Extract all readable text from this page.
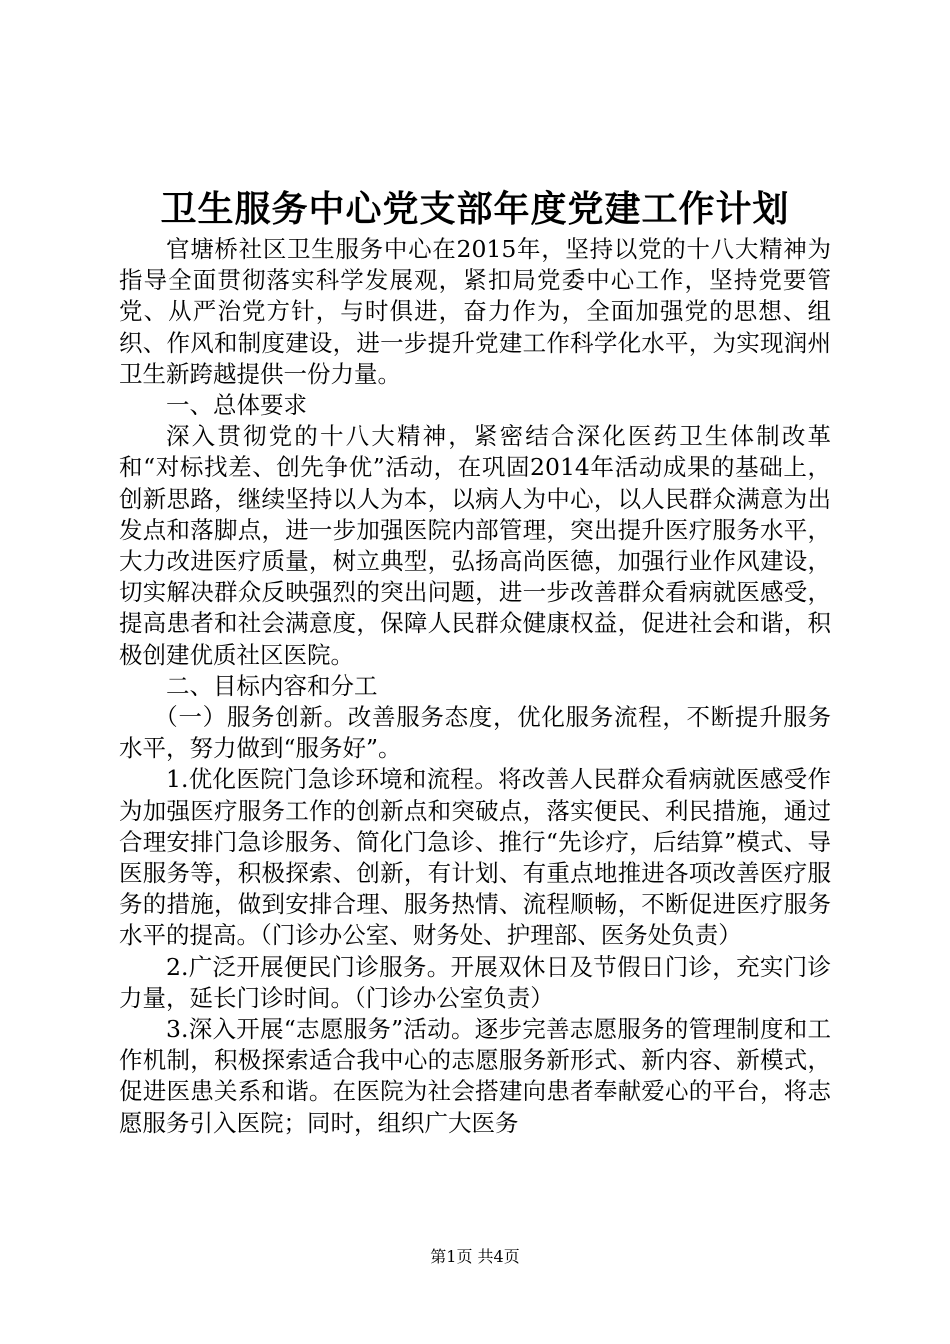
卫生服务中心党支部年度党建工作计划

官塘桥社区卫生服务中心在2015年，坚持以党的十八大精神为指导全面贯彻落实科学发展观，紧扣局党委中心工作，坚持党要管党、从严治党方针，与时俱进，奋力作为，全面加强党的思想、组织、作风和制度建设，进一步提升党建工作科学化水平，为实现润州卫生新跨越提供一份力量。

一、总体要求

深入贯彻党的十八大精神，紧密结合深化医药卫生体制改革和“对标找差、创先争优”活动，在巩固2014年活动成果的基础上，创新思路，继续坚持以人为本，以病人为中心，以人民群众满意为出发点和落脚点，进一步加强医院内部管理，突出提升医疗服务水平，大力改进医疗质量，树立典型，弘扬高尚医德，加强行业作风建设，切实解决群众反映强烈的突出问题，进一步改善群众看病就医感受，提高患者和社会满意度，保障人民群众健康权益，促进社会和谐，积极创建优质社区医院。

二、目标内容和分工

（一）服务创新。改善服务态度，优化服务流程，不断提升服务水平，努力做到“服务好”。

1.优化医院门急诊环境和流程。将改善人民群众看病就医感受作为加强医疗服务工作的创新点和突破点，落实便民、利民措施，通过合理安排门急诊服务、简化门急诊、推行“先诊疗，后结算”模式、导医服务等，积极探索、创新，有计划、有重点地推进各项改善医疗服务的措施，做到安排合理、服务热情、流程顺畅，不断促进医疗服务水平的提高。（门诊办公室、财务处、护理部、医务处负责）

2.广泛开展便民门诊服务。开展双休日及节假日门诊，充实门诊力量，延长门诊时间。（门诊办公室负责）

3.深入开展“志愿服务”活动。逐步完善志愿服务的管理制度和工作机制，积极探索适合我中心的志愿服务新形式、新内容、新模式，促进医患关系和谐。在医院为社会搭建向患者奉献爱心的平台，将志愿服务引入医院；同时，组织广大医务

第1页 共4页
